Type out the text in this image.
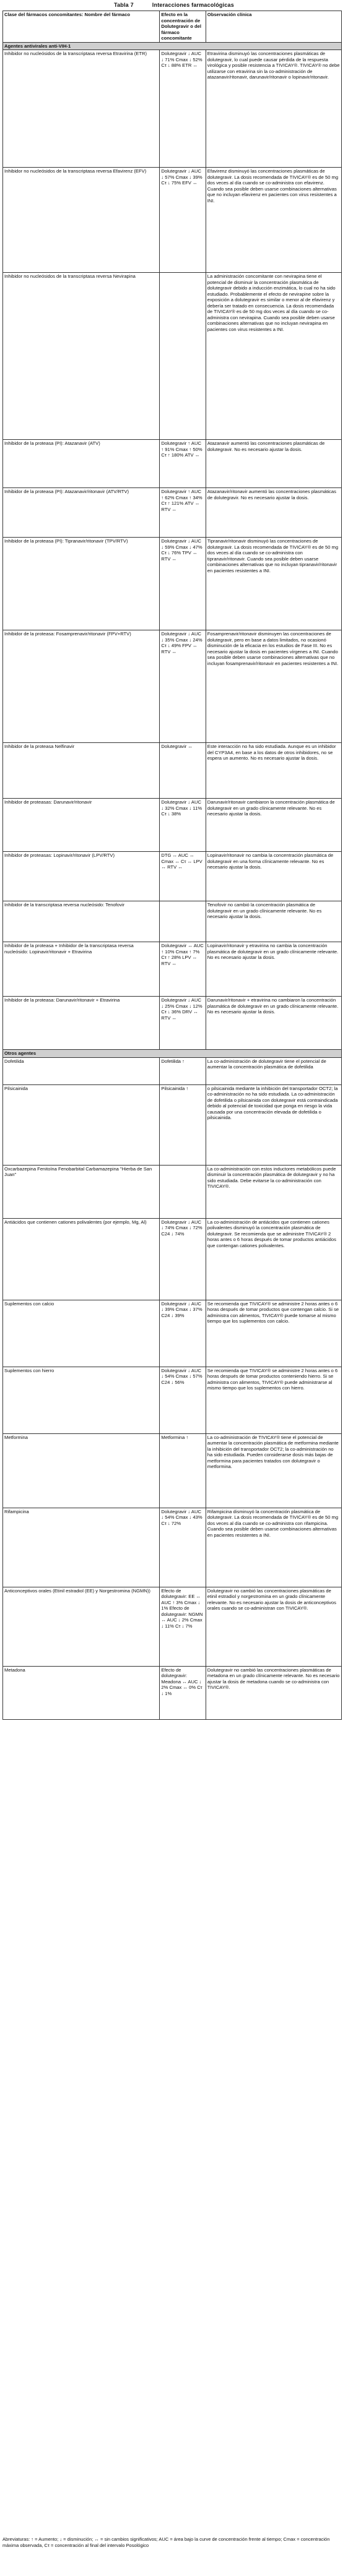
Tabla 7	Interacciones farmacológicas
Clase del fármacos concomitantes: Nombre del fármaco	Efecto en la concentración de Dolutegravir o del fármaco concomitante	Observación clínica
Agentes antivirales anti-VIH-1		
Inhibidor no nucleósidos de la transcriptasa reversa Etravirina (ETR)	Dolutegravir ↓ AUC ↓ 71% Cmax ↓ 52% Cτ ↓ 88% ETR ↔	Etravirina disminuyó las concentraciones plasmáticas de dolutegravir, lo cual puede causar pérdida de la respuesta virológica y posible resistencia a TIVICAY®. TIVICAY® no debe utilizarse con etravirina sin la co-administración de atazanavir/ritonavir, darunavir/ritonavir o lopinavir/ritonavir.
Inhibidor no nucleósidos de la transcriptasa reversa Efavirenz (EFV)	Dolutegravir ↓ AUC ↓ 57% Cmax ↓ 39% Cτ ↓ 75% EFV ↔	Efavirenz disminuyó las concentraciones plasmáticas de dolutegravir. La dosis recomendada de TIVICAY® es de 50 mg dos veces al día cuando se co-administra con efavirenz. Cuando sea posible deben usarse combinaciones alternativas que no incluyan efavirenz en pacientes con virus resistentes a INI.
Inhibidor no nucleósidos de la transcriptasa reversa Nevirapina		La administración concomitante con nevirapina tiene el potencial de disminuir la concentración plasmática de dolutegravir debido a inducción enzimática, lo cual no ha sido estudiado. Probablemente el efecto de nevirapine sobre la exposición a dolutegravir es similar o menor al de efavirenz y debería ser tratado en consecuencia. La dosis recomendada de TIVICAY® es de 50 mg dos veces al día cuando se co-administra con nevirapina. Cuando sea posible deben usarse combinaciones alternativas que no incluyan nevirapina en pacientes con virus resistentes a INI.
Inhibidor de la proteasa (PI): Atazanavir (ATV)	Dolutegravir ↑ AUC ↑ 91% Cmax ↑ 50% Cτ ↑ 180% ATV ↔	Atazanavir aumentó las concentraciones plasmáticas de dolutegravir. No es necesario ajustar la dosis.
Inhibidor de la proteasa (PI): Atazanavir/ritonavir (ATV/RTV)	Dolutegravir ↑ AUC ↑ 62% Cmax ↑ 34% Cτ ↑ 121% ATV ↔ RTV ↔	Atazanavir/ritonavir aumentó las concentraciones plasmáticas de dolutegravir. No es necesario ajustar la dosis.
Inhibidor de la proteasa (PI): Tipranavir/ritonavir (TPV/RTV)	Dolutegravir ↓ AUC ↓ 59% Cmax ↓ 47% Cτ ↓ 76% TPV ↔ RTV ↔	Tipranavir/ritonavir disminuyó las concentraciones de dolutegravir. La dosis recomendada de TIVICAY® es de 50 mg dos veces al día cuando se co-administra con tipranavir/ritonavir. Cuando sea posible deben usarse combinaciones alternativas que no incluyan tipranavir/ritonavir en pacientes resistentes a INI.
Inhibidor de la proteasa: Fosamprenavir/ritonavir (FPV+RTV)	Dolutegravir ↓ AUC ↓ 35% Cmax ↓ 24% Cτ ↓ 49% FPV ↔ RTV ↔	Fosamprenavir/ritonavir disminuyen las concentraciones de dolutegravir, pero en base a datos limitados, no ocasionó disminución de la eficacia en los estudios de Fase III. No es necesario ajustar la dosis en pacientes vírgenes a INI. Cuando sea posible deben usarse combinaciones alternativas que no incluyan fosamprenavir/ritonavir en pacientes resistentes a INI.
Inhibidor de la proteasa Nelfinavir	Dolutegravir ↔	Este interacción no ha sido estudiada. Aunque es un inhibidor del CYP3A4, en base a los datos de otros inhibidores, no se espera un aumento. No es necesario ajustar la dosis.
Inhibidor de proteasas: Darunavir/ritonavir	Dolutegravir ↓ AUC ↓ 32% Cmax ↓ 11% Cτ ↓ 38%	Darunavir/ritonavir cambiaron la concentración plasmática de dolutegravir en un grado clínicamente relevante. No es necesario ajustar la dosis.
Inhibidor de proteasas: Lopinavir/ritonavir (LPV/RTV)	DTG ↔ AUC ↔ Cmax ↔ Cτ ↔ LPV ↔ RTV ↔	Lopinavir/ritonavir no cambia la concentración plasmática de dolutegravir en una forma clínicamente relevante. No es necesario ajustar la dosis.
Inhibidor de la transcriptasa reversa nucleósido: Tenofovir		Tenofovir no cambió la concentración plasmática de dolutegravir en un grado clínicamente relevante. No es necesario ajustar la dosis.
Inhibidor de la proteasa + Inhibidor de la transcriptasa reversa nucleósido: Lopinavir/ritonavir + Etravirina	Dolutegravir ↔ AUC ↑ 10% Cmax ↑ 7% Cτ ↑ 28% LPV ↔ RTV ↔	Lopinavir/ritonavir y etravirina no cambia la concentración plasmática de dolutegravir en un grado clínicamente relevante. No es necesario ajustar la dosis.
Inhibidor de la proteasa: Darunavir/ritonavir + Etravirina	Dolutegravir ↓ AUC ↓ 25% Cmax ↓ 12% Cτ ↓ 36% DRV ↔ RTV ↔	Darunavir/ritonavir + etravirina no cambiaron la concentración plasmática de dolutegravir en un grado clínicamente relevante. No es necesario ajustar la dosis.
Otros agentes		
Dofetilida	Dofetilida ↑	La co-administración de dolutegravir tiene el potencial de aumentar la concentración plasmática de dofetilida
Pilsicainida	Pilsicainida ↑	o pilsicainida mediante la inhibición del transportador OCT2; la co-administración no ha sido estudiada. La co-administración de dofetilida o pilsicainida con dolutegravir está contraindicada debido al potencial de toxicidad que ponga en riesgo la vida causada por una concentración elevada de dofetilida o pilsicainida.
Oxcarbazepina Fenitoína Fenobarbital Carbamazepina "Hierba de San Juan"		La co-administración con estos inductores metabólicos puede disminuir la concentración plasmática de dolutegravir y no ha sido estudiada. Debe evitarse la co-administración con TIVICAY®.
Antiácidos que contienen cationes polivalentes (por ejemplo, Mg, Al)	Dolutegravir ↓ AUC ↓ 74% Cmax ↓ 72% C24 ↓ 74%	La co-administración de antiácidos que contienen cationes polivalentes disminuyó la concentración plasmática de dolutegravir. Se recomienda que se administre TIVICAY® 2 horas antes o 6 horas después de tomar productos antiácidos que contengan cationes polivalentes.
Suplementos con calcio	Dolutegravir ↓ AUC ↓ 39% Cmax ↓ 37% C24 ↓ 39%	Se recomienda que TIVICAY® se administre 2 horas antes o 6 horas después de tomar productos que contengan calcio. Si se administra con alimentos, TIVICAY® puede tomarse al mismo tiempo que los suplementos con calcio.
Suplementos con hierro	Dolutegravir ↓ AUC ↓ 54% Cmax ↓ 57% C24 ↓ 56%	Se recomienda que TIVICAY® se administre 2 horas antes o 6 horas después de tomar productos conteniendo hierro. Si se administra con alimentos, TIVICAY® puede administrarse al mismo tiempo que los suplementos con hierro.
Metformina	Metformina ↑	La co-administración de TIVICAY® tiene el potencial de aumentar la concentración plasmática de metformina mediante la inhibición del transportador OCT2; la co-administración no ha sido estudiada. Pueden considerarse dosis más bajas de metformina para pacientes tratados con dolutegravir o metformina.
Rifampicina	Dolutegravir ↓ AUC ↓ 54% Cmax ↓ 43% Cτ ↓ 72%	Rifampicina disminuyó la concentración plasmática de dolutegravir. La dosis recomendada de TIVICAY® es de 50 mg dos veces al día cuando se co-administra con rifampicina. Cuando sea posible deben usarse combinaciones alternativas en pacientes resistentes a INI.
Anticonceptivos orales (Etinil estradiol (EE) y Norgestromina (NGMN))	Efecto de dolutegravir: EE ↔ AUC ↑ 3% Cmax ↓ 1% Efecto de dolutegravir: NGMN ↔ AUC ↓ 2% Cmax ↓ 11% Cτ ↓ 7%	Dolutegravir no cambió las concentraciones plasmáticas de etinil estradiol y norgestromina en un grado clínicamente relevante. No es necesario ajustar la dosis de anticonceptivos orales cuando se co-administran con TIVICAY®.
Metadona	Efecto de dolutegravir: Meadona ↔ AUC ↓ 2% Cmax ↔ 0% Cτ ↓ 1%	Dolutegravir no cambió las concentraciones plasmáticas de metadona en un grado clínicamente relevante. No es necesario ajustar la dosis de metadona cuando se co-administra con TIVICAY®.
Abreviaturas: ↑ = Aumento; ↓ = disminución; ↔ = sin cambios significativos; AUC = área bajo la curve de concentración frente al tiempo; Cmax = concentración máxima observada, Cτ = concentración al final del intervalo Posológico
